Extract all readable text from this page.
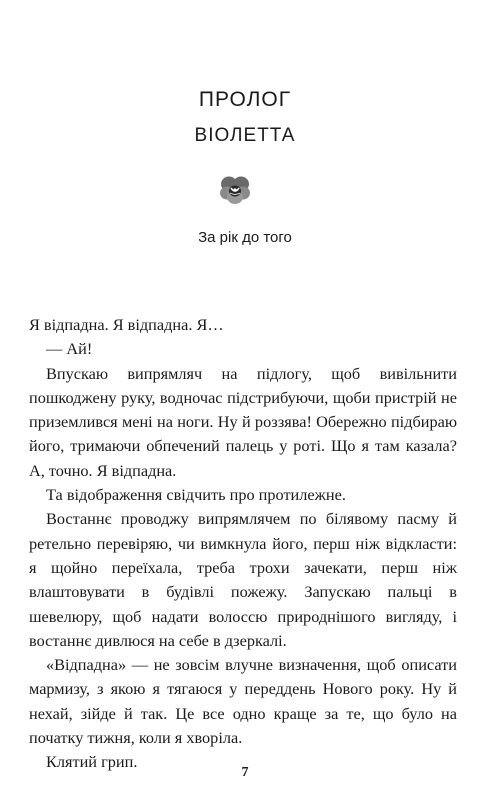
ПРОЛОГ
ВІОЛЕТТА
За рік до того

Я відпадна. Я відпадна. Я…

— Ай!

Впускаю випрямляч на підлогу, щоб вивільнити пошкоджену руку, водночас підстрибуючи, щоби пристрій не приземлився мені на ноги. Ну й роззява! Обережно підбираю його, тримаючи обпечений палець у роті. Що я там казала? А, точно. Я відпадна.

Та відображення свідчить про протилежне.

Востаннє проводжу випрямлячем по білявому пасму й ретельно перевіряю, чи вимкнула його, перш ніж відкласти: я щойно переїхала, треба трохи зачекати, перш ніж влаштовувати в будівлі пожежу. Запускаю пальці в шевелюру, щоб надати волоссю природнішого вигляду, і востаннє дивлюся на себе в дзеркалі.

«Відпадна» — не зовсім влучне визначення, щоб описати мармизу, з якою я тягаюся у переддень Нового року. Ну й нехай, зійде й так. Це все одно краще за те, що було на початку тижня, коли я хворіла.

Клятий грип.

7
